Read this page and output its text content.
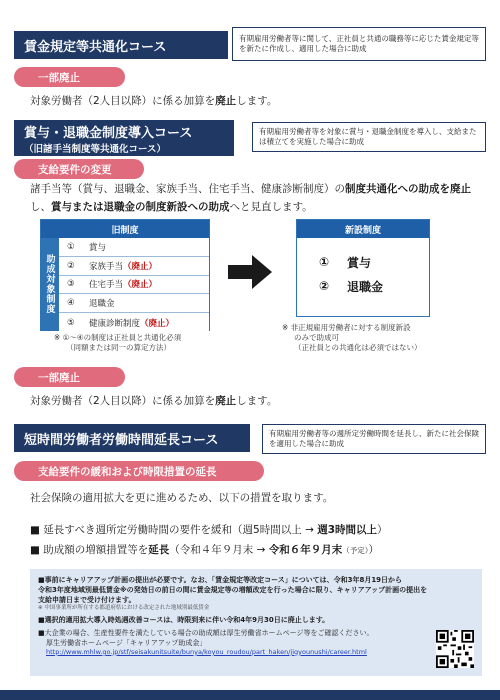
賃金規定等共通化コース
有期雇用労働者等に関して、正社員と共通の職務等に応じた賃金規定等を新たに作成し、適用した場合に助成
一部廃止
対象労働者（2人目以降）に係る加算を廃止します。
賞与・退職金制度導入コース
（旧諸手当制度等共通化コース）
有期雇用労働者等を対象に賞与・退職金制度を導入し、支給または積立てを実施した場合に助成
支給要件の変更
諸手当等（賞与、退職金、家族手当、住宅手当、健康診断制度）の制度共通化への助成を廃止し、賞与または退職金の制度新設への助成へと見直します。
旧制度
助成対象制度
①	賞与
②	家族手当 （廃止）
③	住宅手当 （廃止）
④	退職金
⑤	健康診断制度 （廃止）
※ ①～④の制度は正社員と共通化必須
（同額または同一の算定方法）
新設制度
①	賞与
②	退職金
※ 非正規雇用労働者に対する制度新設
のみで助成可
（正社員との共通化は必須ではない）
一部廃止
対象労働者（2人目以降）に係る加算を廃止します。
短時間労働者労働時間延長コース	有期雇用労働者等の週所定労働時間を延長し、新たに社会保険を適用した場合に助成
支給要件の緩和および時限措置の延長
社会保険の適用拡大を更に進めるため、以下の措置を取ります。
■ 延長すべき週所定労働時間の要件を緩和（週5時間以上 → 週3時間以上）
■ 助成額の増額措置等を延長（令和４年９月末 → 令和６年９月末（予定））
■事前にキャリアアップ計画の提出が必要です。なお、「賃金規定等改定コース」については、令和3年8月19日から
令和3年度地域別最低賃金※の発効日の前日の間に賃金規定等の増額改定を行った場合に限り、キャリアアップ計画の提出を
支給申請日まで受け付けます。
※ 中国事業所が所在する都道府県における改定された地域別最低賃金
■選択的適用拡大導入時処遇改善コースは、時限到来に伴い令和4年9月30日に廃止します。
■大企業の場合、生産性要件を満たしている場合の助成額は厚生労働省ホームページ等をご確認ください。
厚生労働省ホームページ「キャリアアップ助成金」
http://www.mhlw.go.jp/stf/seisakunitsuite/bunya/koyou_roudou/part_haken/jigyounushi/career.html
